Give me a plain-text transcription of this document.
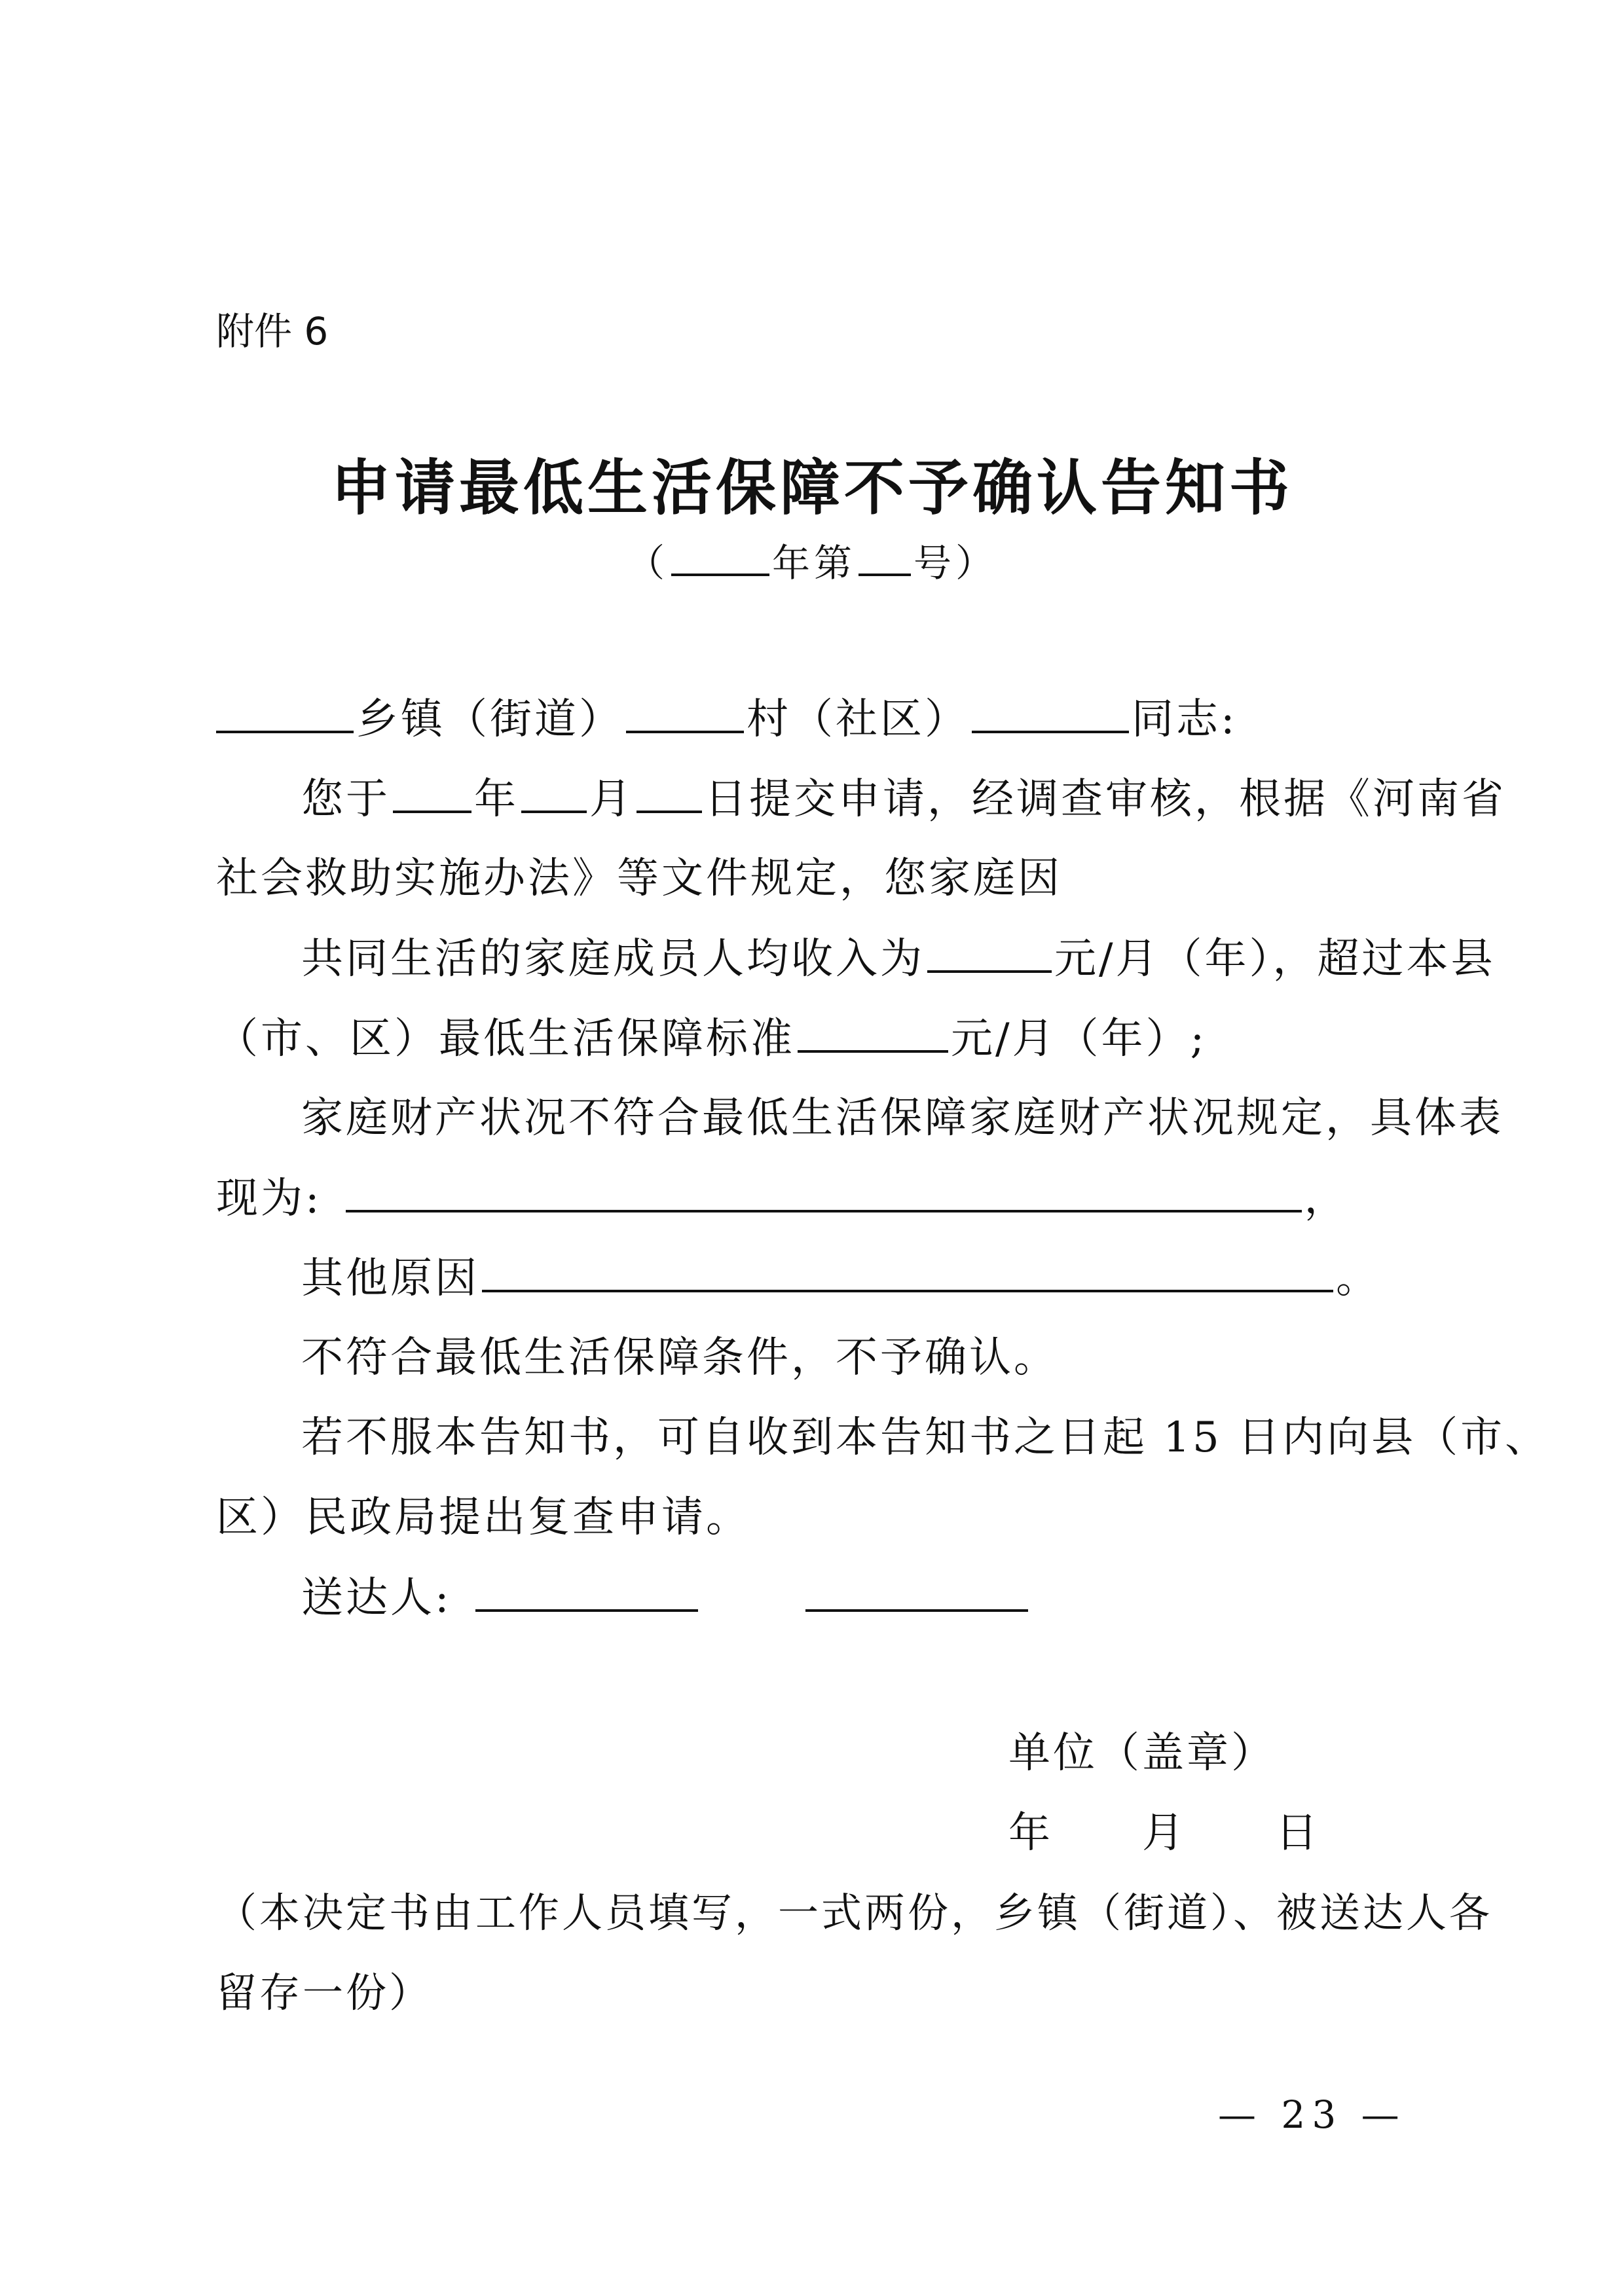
附件 6
申请最低生活保障不予确认告知书
（	年第 号）
乡镇（街道）	村（社区）	同志:
您于 年 月 日提交申请，经调查审核，根据《河南省
社会救助实施办法》等文件规定，您家庭因
共同生活的家庭成员人均收入为	元/月（年），超过本县
（市、区）最低生活保障标准	元/月（年）;
家庭财产状况不符合最低生活保障家庭财产状况规定，具体表
现为:	，
其他原因	。
不符合最低生活保障条件，不予确认。
若不服本告知书，可自收到本告知书之日起 15 日内向县（市、
区）民政局提出复查申请。
送达人:
单位（盖章）
年　　月　　日
（本决定书由工作人员填写，一式两份，乡镇（街道）、被送达人各
留存一份）
— 23 —
